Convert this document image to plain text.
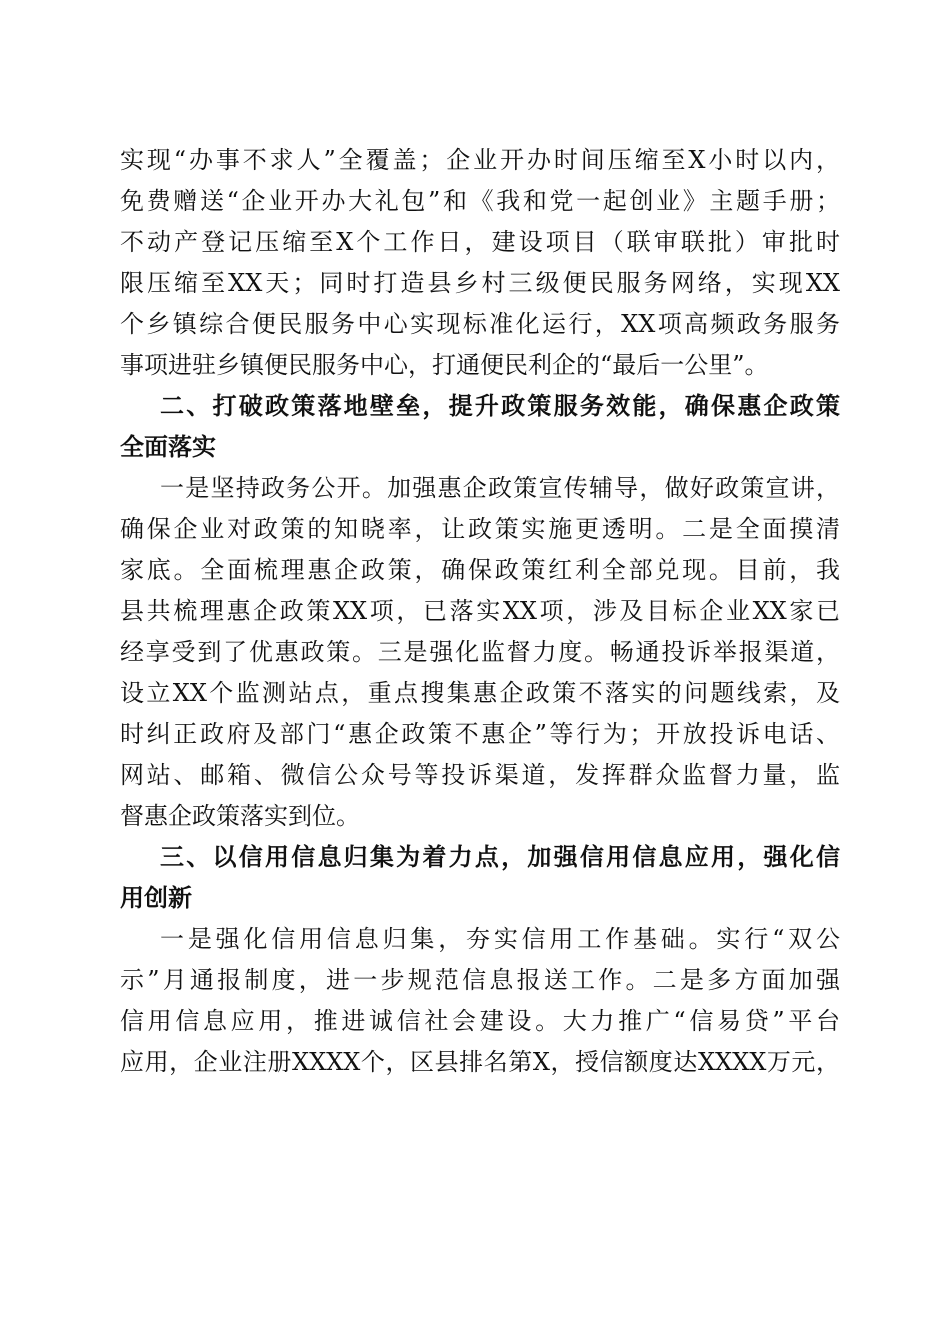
实现“办事不求人”全覆盖；企业开办时间压缩至X小时以内，
免费赠送“企业开办大礼包”和《我和党一起创业》主题手册；
不动产登记压缩至X个工作日，建设项目（联审联批）审批时
限压缩至XX天；同时打造县乡村三级便民服务网络，实现XX
个乡镇综合便民服务中心实现标准化运行，XX项高频政务服务
事项进驻乡镇便民服务中心，打通便民利企的“最后一公里”。
二、打破政策落地壁垒，提升政策服务效能，确保惠企政策
全面落实
一是坚持政务公开。加强惠企政策宣传辅导，做好政策宣讲，
确保企业对政策的知晓率，让政策实施更透明。二是全面摸清
家底。全面梳理惠企政策，确保政策红利全部兑现。目前，我
县共梳理惠企政策XX项，已落实XX项，涉及目标企业XX家已
经享受到了优惠政策。三是强化监督力度。畅通投诉举报渠道，
设立XX个监测站点，重点搜集惠企政策不落实的问题线索，及
时纠正政府及部门“惠企政策不惠企”等行为；开放投诉电话、
网站、邮箱、微信公众号等投诉渠道，发挥群众监督力量，监
督惠企政策落实到位。
三、以信用信息归集为着力点，加强信用信息应用，强化信
用创新
一是强化信用信息归集，夯实信用工作基础。实行“双公
示”月通报制度，进一步规范信息报送工作。二是多方面加强
信用信息应用，推进诚信社会建设。大力推广“信易贷”平台
应用，企业注册XXXX个，区县排名第X，授信额度达XXXX万元，
